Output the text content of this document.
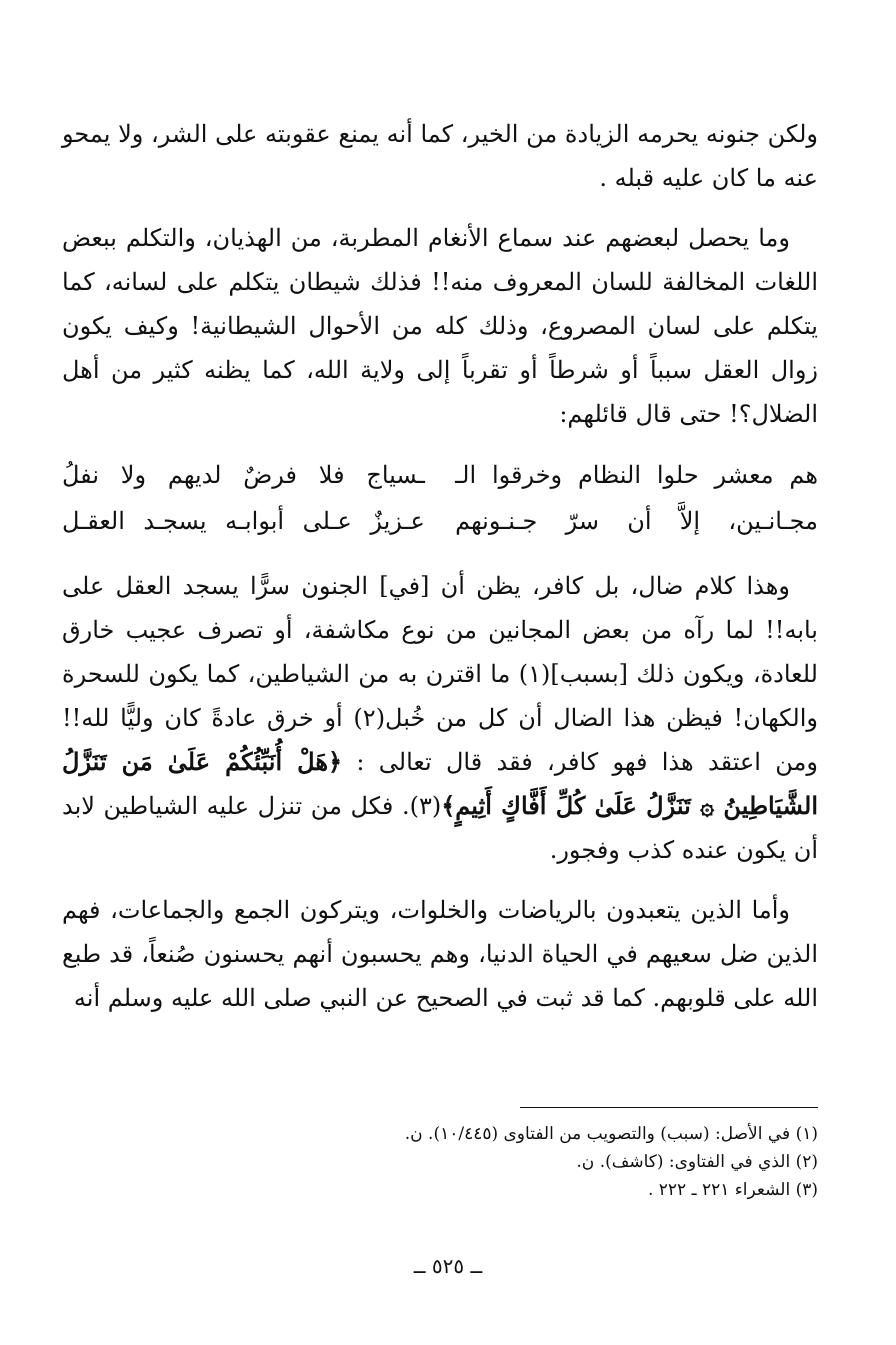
ولكن جنونه يحرمه الزيادة من الخير، كما أنه يمنع عقوبته على الشر، ولا يمحو عنه ما كان عليه قبله .

وما يحصل لبعضهم عند سماع الأنغام المطربة، من الهذيان، والتكلم ببعض اللغات المخالفة للسان المعروف منه!! فذلك شيطان يتكلم على لسانه، كما يتكلم على لسان المصروع، وذلك كله من الأحوال الشيطانية! وكيف يكون زوال العقل سبباً أو شرطاً أو تقرباً إلى ولاية الله، كما يظنه كثير من أهل الضلال؟! حتى قال قائلهم:

هم معشر حلوا النظام وخرقوا الـ
ـسياج فلا فرضٌ لديهم ولا نفلُ
مجـانـين، إلاَّ أن سرّ جـنـونهم
عـزيزٌ عـلى أبوابـه يسجـد العقـل

وهذا كلام ضال، بل كافر، يظن أن [في] الجنون سرًّا يسجد العقل على بابه!! لما رآه من بعض المجانين من نوع مكاشفة، أو تصرف عجيب خارق للعادة، ويكون ذلك [بسبب](١) ما اقترن به من الشياطين، كما يكون للسحرة والكهان! فيظن هذا الضال أن كل من خُبل(٢) أو خرق عادةً كان وليًّا لله!! ومن اعتقد هذا فهو كافر، فقد قال تعالى : ﴿هَلْ أُنَبِّئُكُمْ عَلَىٰ مَن تَنَزَّلُ الشَّيَاطِينُ ۞ تَنَزَّلُ عَلَىٰ كُلِّ أَفَّاكٍ أَثِيمٍ﴾(٣). فكل من تنزل عليه الشياطين لابد أن يكون عنده كذب وفجور.

وأما الذين يتعبدون بالرياضات والخلوات، ويتركون الجمع والجماعات، فهم الذين ضل سعيهم في الحياة الدنيا، وهم يحسبون أنهم يحسنون صُنعاً، قد طبع الله على قلوبهم. كما قد ثبت في الصحيح عن النبي صلى الله عليه وسلم أنه

(١) في الأصل: (سبب) والتصويب من الفتاوى (١٠/٤٤٥). ن.

(٢) الذي في الفتاوى: (كاشف). ن.

(٣) الشعراء ٢٢١ ـ ٢٢٢ .

ــ ٥٢٥ ــ
